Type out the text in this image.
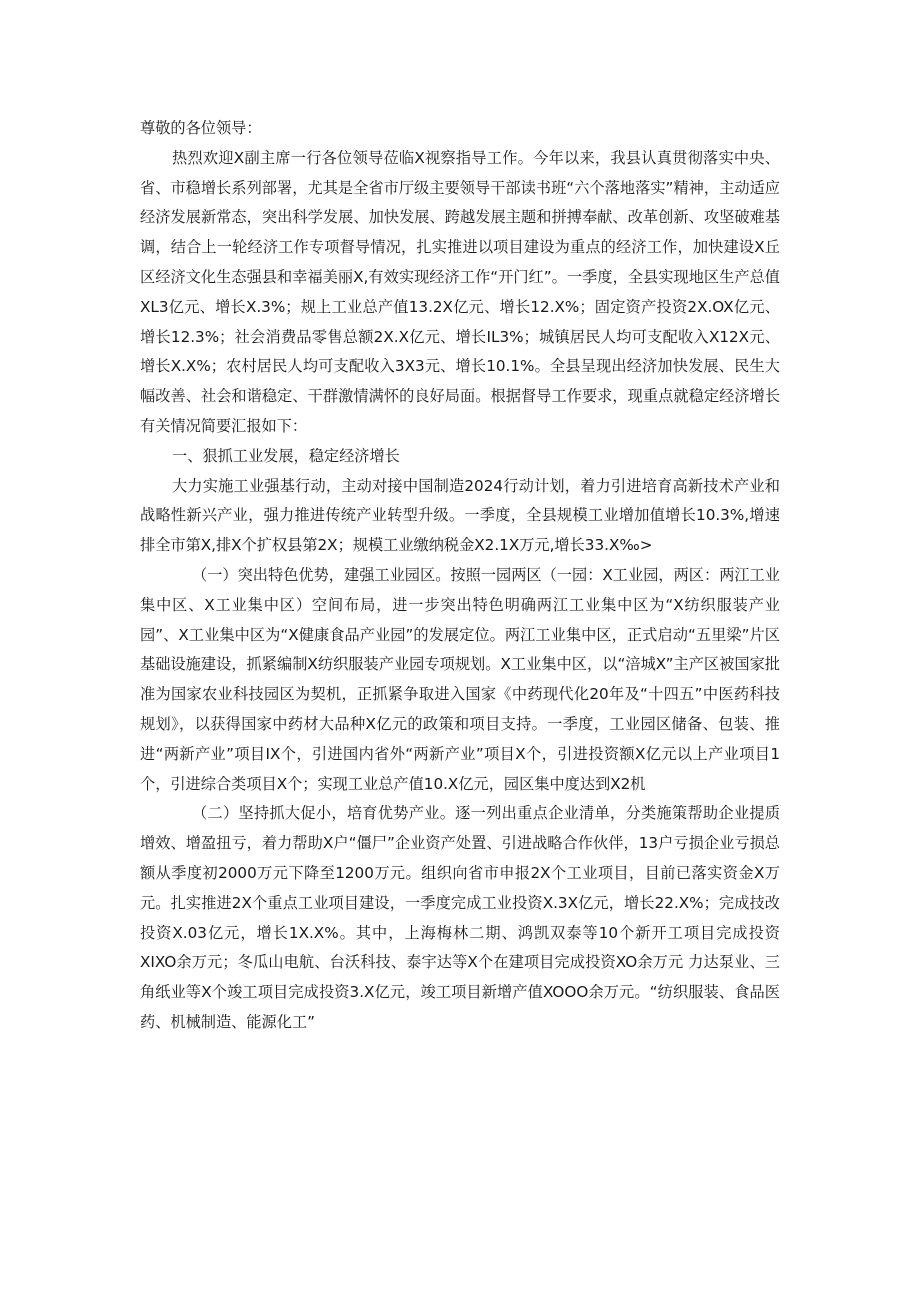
尊敬的各位领导：

热烈欢迎X副主席一行各位领导莅临X视察指导工作。今年以来，我县认真贯彻落实中央、省、市稳增长系列部署，尤其是全省市厅级主要领导干部读书班“六个落地落实”精神，主动适应经济发展新常态，突出科学发展、加快发展、跨越发展主题和拼搏奉献、改革创新、攻坚破难基调，结合上一轮经济工作专项督导情况，扎实推进以项目建设为重点的经济工作，加快建设X丘区经济文化生态强县和幸福美丽X,有效实现经济工作“开门红”。一季度，全县实现地区生产总值XL3亿元、增长X.3%；规上工业总产值13.2X亿元、增长12.X%；固定资产投资2X.OX亿元、增长12.3%；社会消费品零售总额2X.X亿元、增长IL3%；城镇居民人均可支配收入X12X元、增长X.X%；农村居民人均可支配收入3X3元、增长10.1%。全县呈现出经济加快发展、民生大幅改善、社会和谐稳定、干群激情满怀的良好局面。根据督导工作要求，现重点就稳定经济增长有关情况简要汇报如下：

一、狠抓工业发展，稳定经济增长

大力实施工业强基行动，主动对接中国制造2024行动计划，着力引进培育高新技术产业和战略性新兴产业，强力推进传统产业转型升级。一季度，全县规模工业增加值增长10.3%,增速排全市第X,排X个扩权县第2X；规模工业缴纳税金X2.1X万元,增长33.X‰>

（一）突出特色优势，建强工业园区。按照一园两区（一园：X工业园，两区：两江工业集中区、X工业集中区）空间布局，进一步突出特色明确两江工业集中区为“X纺织服装产业园”、X工业集中区为“X健康食品产业园”的发展定位。两江工业集中区，正式启动“五里梁”片区基础设施建设，抓紧编制X纺织服装产业园专项规划。X工业集中区，以“涪城X”主产区被国家批准为国家农业科技园区为契机，正抓紧争取进入国家《中药现代化20年及“十四五”中医药科技规划》，以获得国家中药材大品种X亿元的政策和项目支持。一季度，工业园区储备、包装、推进“两新产业”项目IX个，引进国内省外“两新产业”项目X个，引进投资额X亿元以上产业项目1个，引进综合类项目X个；实现工业总产值10.X亿元，园区集中度达到X2机

（二）坚持抓大促小，培育优势产业。逐一列出重点企业清单，分类施策帮助企业提质增效、增盈扭亏，着力帮助X户“僵尸”企业资产处置、引进战略合作伙伴，13户亏损企业亏损总额从季度初2000万元下降至1200万元。组织向省市申报2X个工业项目，目前已落实资金X万元。扎实推进2X个重点工业项目建设，一季度完成工业投资X.3X亿元，增长22.X%；完成技改投资X.03亿元，增长1X.X%。其中，上海梅林二期、鸿凯双泰等10个新开工项目完成投资XIXO余万元；冬瓜山电航、台沃科技、泰宇达等X个在建项目完成投资XO余万元 力达泵业、三角纸业等X个竣工项目完成投资3.X亿元，竣工项目新增产值XOOO余万元。“纺织服装、食品医药、机械制造、能源化工”
